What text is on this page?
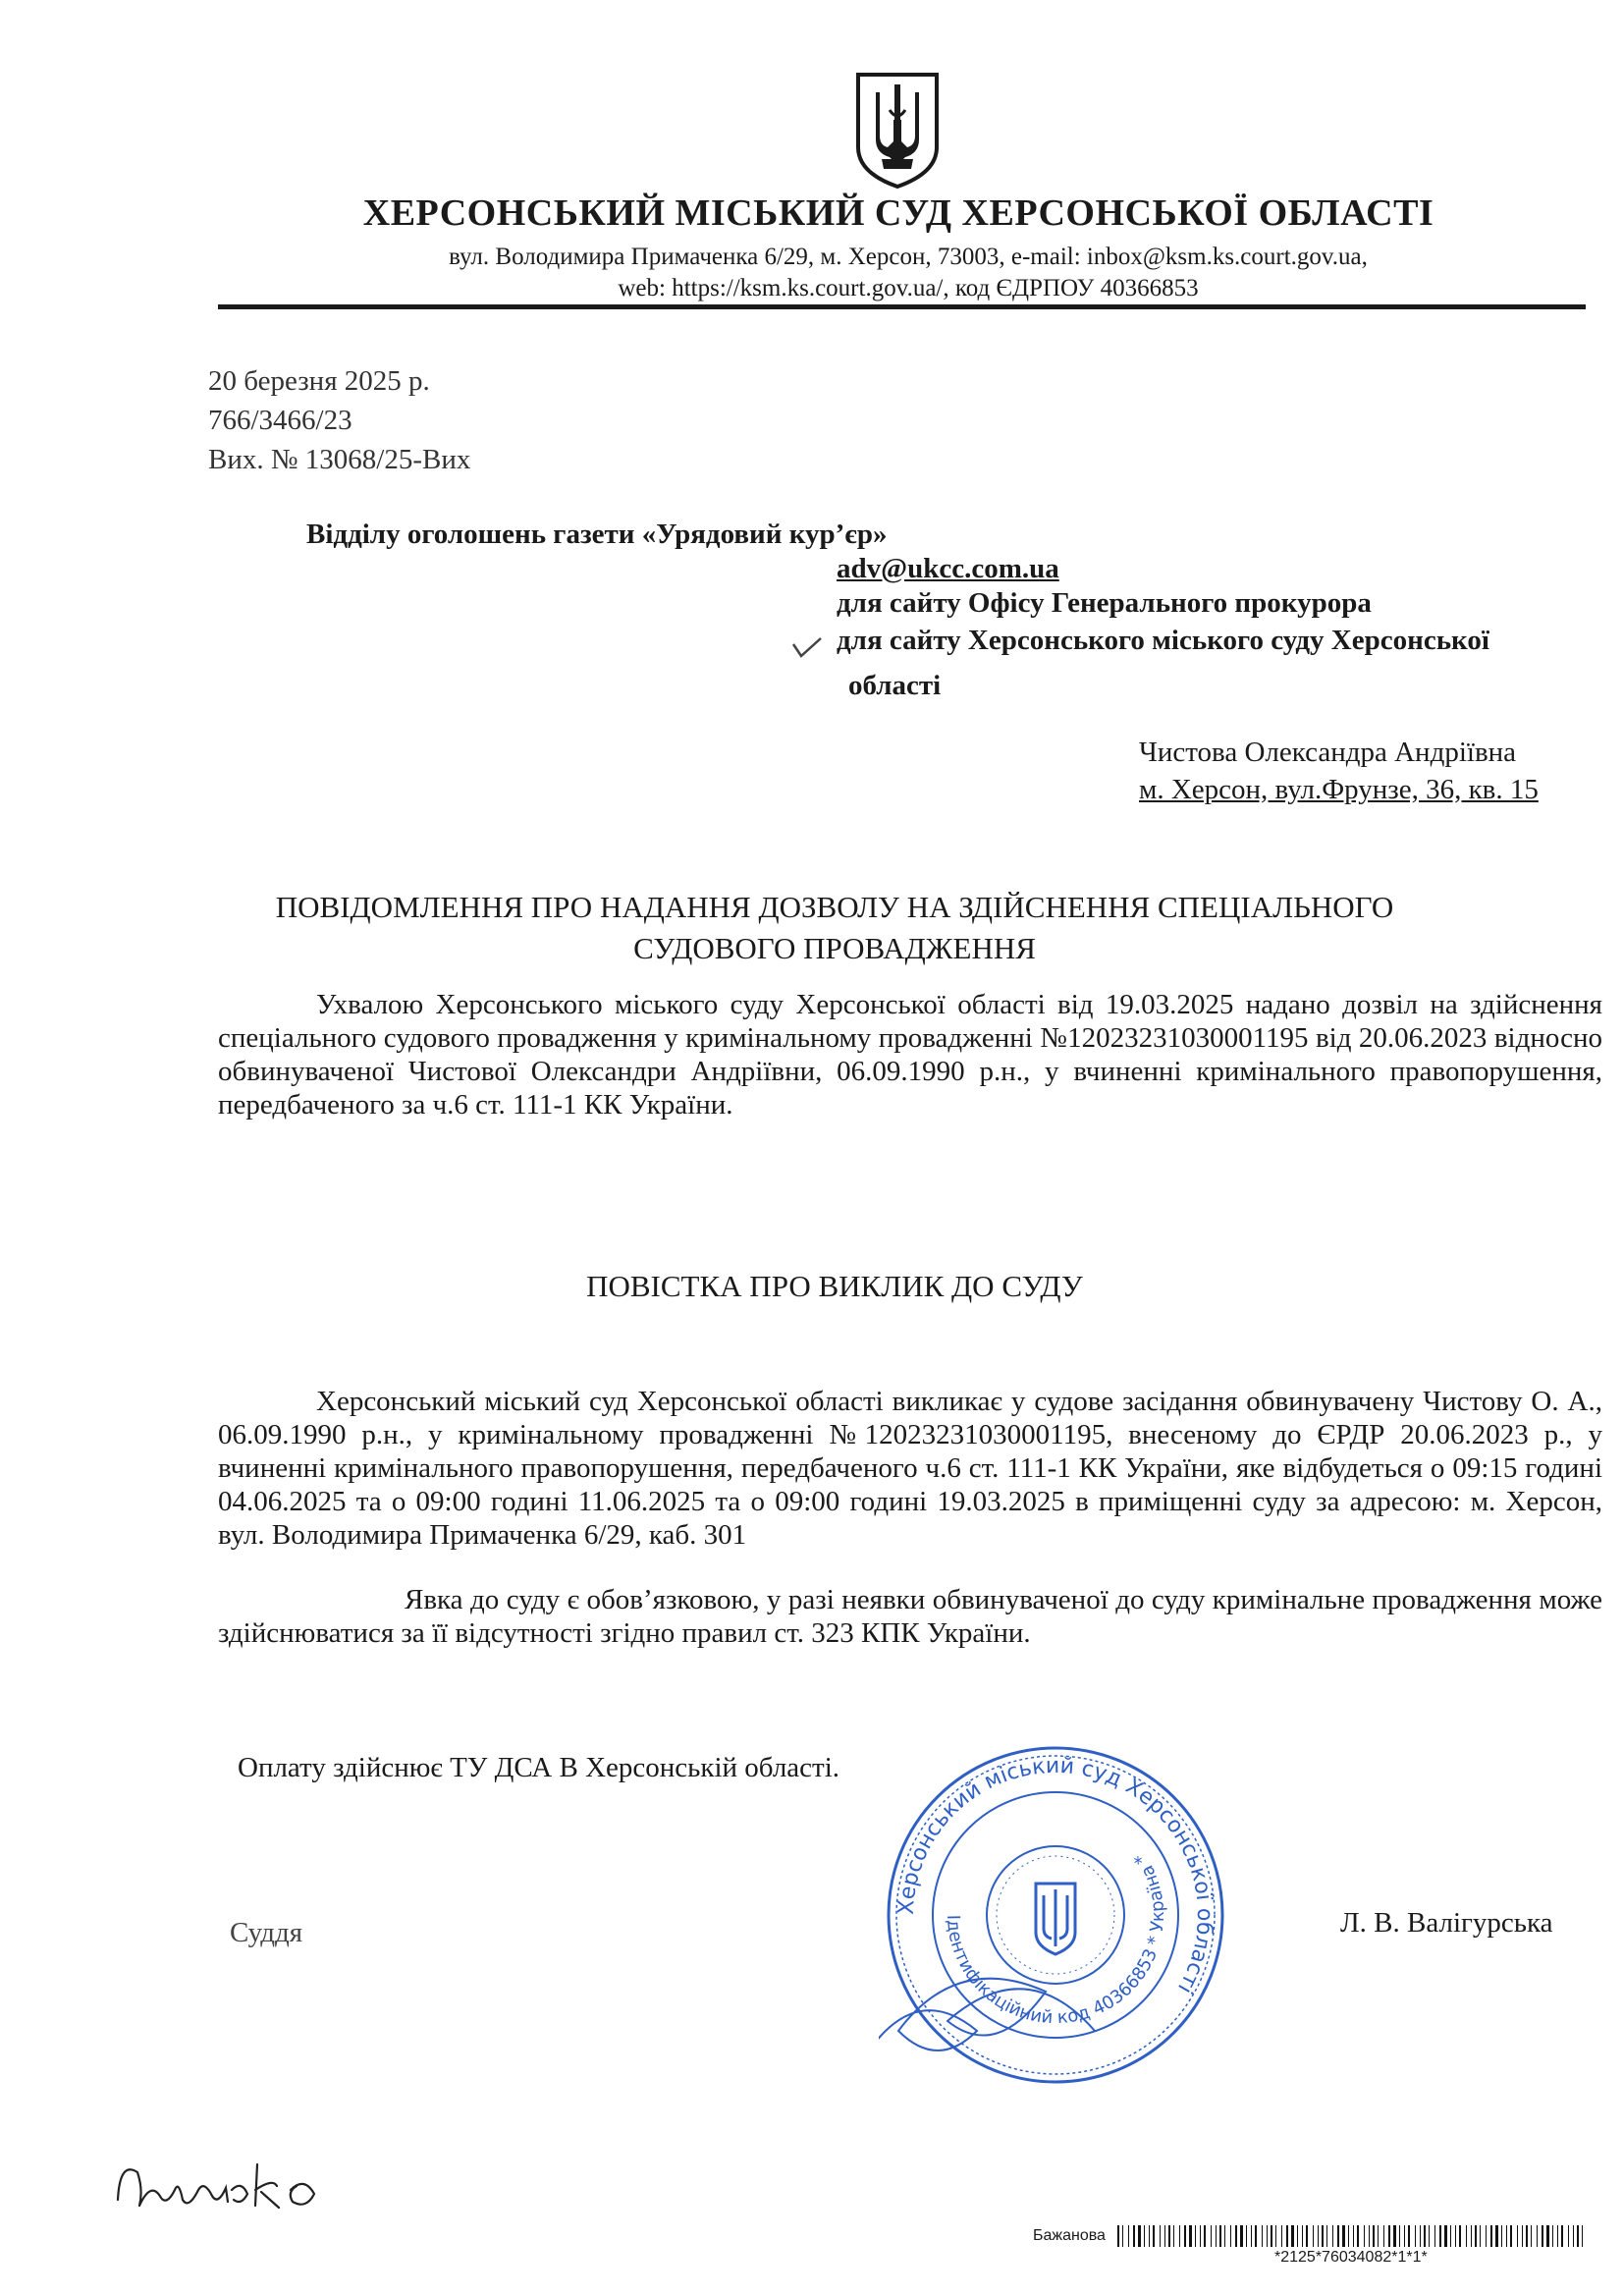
ХЕРСОНСЬКИЙ МІСЬКИЙ СУД ХЕРСОНСЬКОЇ ОБЛАСТІ
вул. Володимира Примаченка 6/29, м. Херсон, 73003, e-mail: inbox@ksm.ks.court.gov.ua,
web: https://ksm.ks.court.gov.ua/, код ЄДРПОУ 40366853
20 березня 2025 р.
766/3466/23
Вих. № 13068/25-Вих
Відділу оголошень газети «Урядовий кур’єр»
adv@ukcc.com.ua
для сайту Офісу Генерального прокурора
для сайту Херсонського міського суду Херсонської
області
Чистова Олександра Андріївна
м. Херсон, вул.Фрунзе, 36, кв. 15
ПОВІДОМЛЕННЯ ПРО НАДАННЯ ДОЗВОЛУ НА ЗДІЙСНЕННЯ СПЕЦІАЛЬНОГО
СУДОВОГО ПРОВАДЖЕННЯ
Ухвалою Херсонського міського суду Херсонської області від 19.03.2025 надано дозвіл на здійснення спеціального судового провадження у кримінальному провадженні №12023231030001195 від 20.06.2023 відносно обвинуваченої Чистової Олександри Андріївни, 06.09.1990 р.н., у вчиненні кримінального правопорушення, передбаченого за ч.6 ст. 111-1 КК України.
ПОВІСТКА ПРО ВИКЛИК ДО СУДУ
Херсонський міський суд Херсонської області викликає у судове засідання обвинувачену Чистову О. А., 06.09.1990 р.н., у кримінальному провадженні №12023231030001195, внесеному до ЄРДР 20.06.2023 р., у вчиненні кримінального правопорушення, передбаченого ч.6 ст. 111-1 КК України, яке відбудеться о 09:15 годині 04.06.2025 та о 09:00 годині 11.06.2025 та о 09:00 годині 19.03.2025 в приміщенні суду за адресою: м. Херсон, вул. Володимира Примаченка 6/29, каб. 301
Явка до суду є обов’язковою, у разі неявки обвинуваченої до суду кримінальне провадження може здійснюватися за її відсутності згідно правил ст. 323 КПК України.
Оплату здійснює ТУ ДСА В Херсонській області.
Суддя	Л. В. Валігурська
Херсонський міський суд Херсонської області
Ідентифікаційний код 40366853 * Україна *
Бажанова
*2125*76034082*1*1*
